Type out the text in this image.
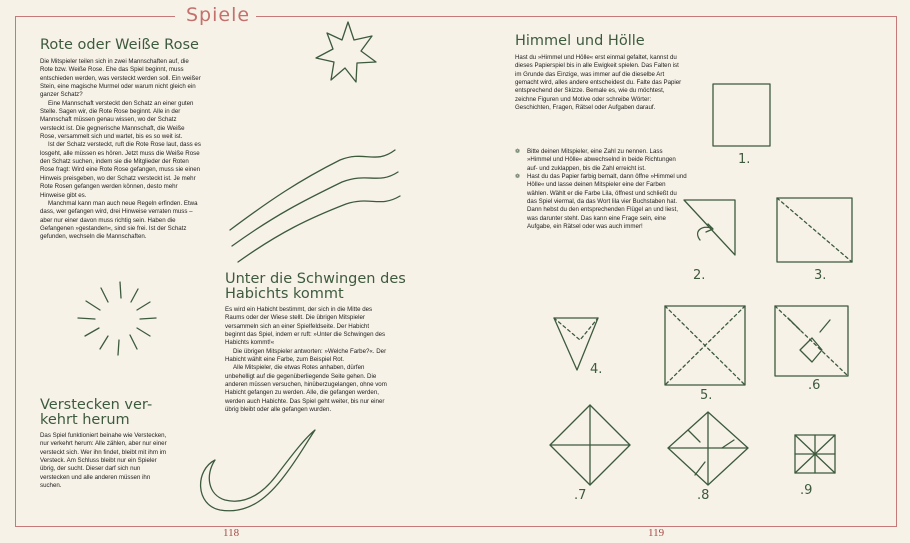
Spiele
118	119
Rote oder Weiße Rose

Die Mitspieler teilen sich in zwei Mannschaften auf, die Rote bzw. Weiße Rose. Ehe das Spiel beginnt, muss entschieden werden, was versteckt werden soll. Ein weißer Stein, eine magische Murmel oder warum nicht gleich ein ganzer Schatz?

Eine Mannschaft versteckt den Schatz an einer guten Stelle. Sagen wir, die Rote Rose beginnt. Alle in der Mannschaft müssen genau wissen, wo der Schatz versteckt ist. Die gegnerische Mannschaft, die Weiße Rose, versammelt sich und wartet, bis es so weit ist.

Ist der Schatz versteckt, ruft die Rote Rose laut, dass es losgeht, alle müssen es hören. Jetzt muss die Weiße Rose den Schatz suchen, indem sie die Mitglieder der Roten Rose fragt: Wird eine Rote Rose gefangen, muss sie einen Hinweis preisgeben, wo der Schatz versteckt ist. Je mehr Rote Rosen gefangen werden können, desto mehr Hinweise gibt es.

Manchmal kann man auch neue Regeln erfinden. Etwa dass, wer gefangen wird, drei Hinweise verraten muss – aber nur einer davon muss richtig sein. Haben die Gefangenen »gestanden«, sind sie frei. Ist der Schatz gefunden, wechseln die Mannschaften.

Verstecken ver-
kehrt herum

Das Spiel funktioniert beinahe wie Verstecken, nur verkehrt herum: Alle zählen, aber nur einer versteckt sich. Wer ihn findet, bleibt mit ihm im Versteck. Am Schluss bleibt nur ein Spieler übrig, der sucht. Dieser darf sich nun verstecken und alle anderen müssen ihn suchen.

Unter die Schwingen des
Habichts kommt

Es wird ein Habicht bestimmt, der sich in die Mitte des Raums oder der Wiese stellt. Die übrigen Mitspieler versammeln sich an einer Spielfeldseite. Der Habicht beginnt das Spiel, indem er ruft: »Unter die Schwingen des Habichts kommt!«

Die übrigen Mitspieler antworten: »Welche Farbe?«. Der Habicht wählt eine Farbe, zum Beispiel Rot.

Alle Mitspieler, die etwas Rotes anhaben, dürfen unbehelligt auf die gegenüberliegende Seite gehen. Die anderen müssen versuchen, hinüberzugelangen, ohne vom Habicht gefangen zu werden. Alle, die gefangen werden, werden auch Habichte. Das Spiel geht weiter, bis nur einer übrig bleibt oder alle gefangen wurden.

Himmel und Hölle

Hast du »Himmel und Hölle« erst einmal gefaltet, kannst du dieses Papierspiel bis in alle Ewigkeit spielen. Das Falten ist im Grunde das Einzige, was immer auf die dieselbe Art gemacht wird, alles andere entscheidest du. Falte das Papier entsprechend der Skizze. Bemale es, wie du möchtest, zeichne Figuren und Motive oder schreibe Wörter: Geschichten, Fragen, Rätsel oder Aufgaben darauf.

❁ Bitte deinen Mitspieler, eine Zahl zu nennen. Lass »Himmel und Hölle« abwechselnd in beide Richtungen auf- und zuklappen, bis die Zahl erreicht ist.
❁ Hast du das Papier farbig bemalt, dann öffne »Himmel und Hölle« und lasse deinen Mitspieler eine der Farben wählen. Wählt er die Farbe Lila, öffnest und schließt du das Spiel viermal, da das Wort lila vier Buchstaben hat. Dann hebst du den entsprechenden Flügel an und liest, was darunter steht. Das kann eine Frage sein, eine Aufgabe, ein Rätsel oder was auch immer!
1.
2.	3.
4.
5.
.6
.7	.8	.9
